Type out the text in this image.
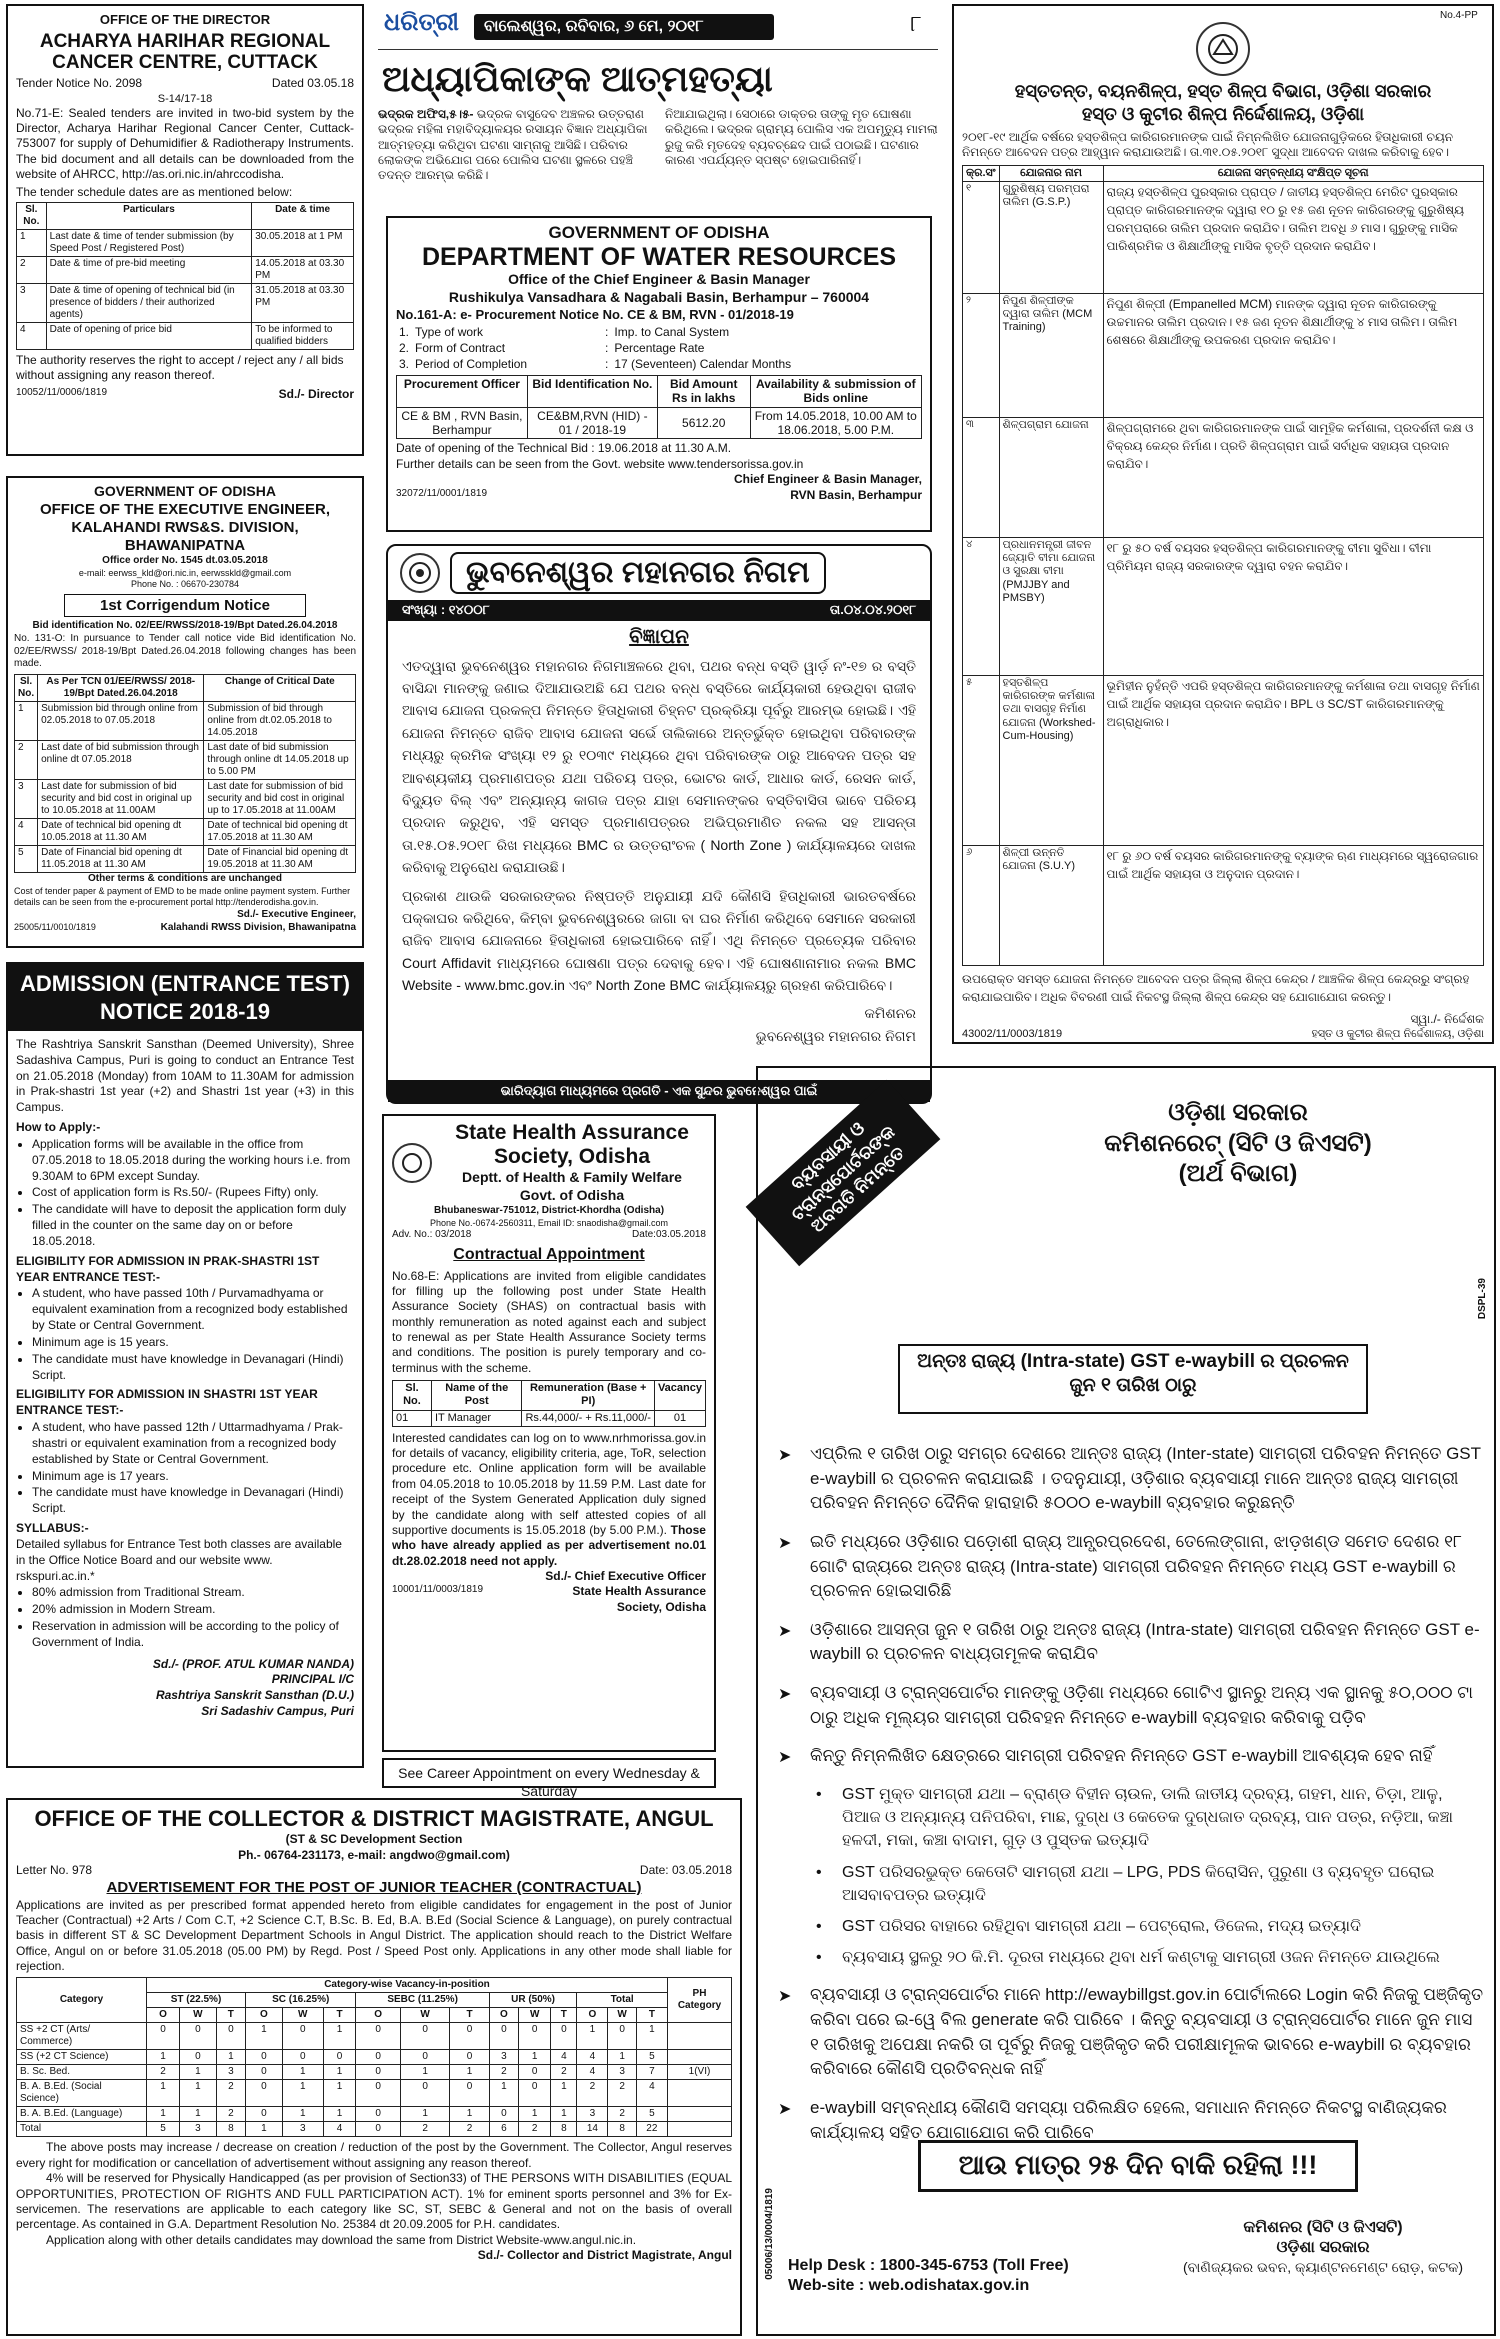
ଧରିତ୍ରୀ	ବାଲେଶ୍ୱର, ରବିବାର, ୬ ମେ, ୨୦୧୮	୮	No.4-PP
OFFICE OF THE DIRECTOR
ACHARYA HARIHAR REGIONAL CANCER CENTRE, CUTTACK
Tender Notice No. 2098	Dated 03.05.18
S-14/17-18
No.71-E: Sealed tenders are invited in two-bid system by the Director, Acharya Harihar Regional Cancer Center, Cuttack-753007 for supply of Dehumidifier & Radiotherapy Instruments. The bid document and all details can be downloaded from the website of AHRCC, http://as.ori.nic.in/ahrccodisha.
The tender schedule dates are as mentioned below:
Sl. No.	Particulars	Date & time
1	Last date & time of tender submission (by Speed Post / Registered Post)	30.05.2018 at 1 PM
2	Date & time of pre-bid meeting	14.05.2018 at 03.30 PM
3	Date & time of opening of technical bid (in presence of bidders / their authorized agents)	31.05.2018 at 03.30 PM
4	Date of opening of price bid	To be informed to qualified bidders
The authority reserves the right to accept / reject any / all bids without assigning any reason thereof.
10052/11/0006/1819	Sd./- Director
GOVERNMENT OF ODISHA
OFFICE OF THE EXECUTIVE ENGINEER, KALAHANDI RWS&S. DIVISION, BHAWANIPATNA
Office order No. 1545 dt.03.05.2018
e-mail: eerwss_kld@ori.nic.in, eerwsskld@gmail.com
Phone No. : 06670-230784
1st Corrigendum Notice
Bid identification No. 02/EE/RWSS/2018-19/Bpt Dated.26.04.2018
No. 131-O: In pursuance to Tender call notice vide Bid identification No. 02/EE/RWSS/ 2018-19/Bpt Dated.26.04.2018 following changes has been made.
Sl. No.	As Per TCN 01/EE/RWSS/ 2018-19/Bpt Dated.26.04.2018	Change of Critical Date
1	Submission bid through online from 02.05.2018 to 07.05.2018	Submission of bid through online from dt.02.05.2018 to 14.05.2018
2	Last date of bid submission through online dt 07.05.2018	Last date of bid submission through online dt 14.05.2018 up to 5.00 PM
3	Last date for submission of bid security and bid cost in original up to 10.05.2018 at 11.00AM	Last date for submission of bid security and bid cost in original up to 17.05.2018 at 11.00AM
4	Date of technical bid opening dt 10.05.2018 at 11.30 AM	Date of technical bid opening dt 17.05.2018 at 11.30 AM
5	Date of Financial bid opening dt 11.05.2018 at 11.30 AM	Date of Financial bid opening dt 19.05.2018 at 11.30 AM
Other terms & conditions are unchanged
Cost of tender paper & payment of EMD to be made online payment system. Further details can be seen from the e-procurement portal http://tenderodisha.gov.in.
Sd./- Executive Engineer,
25005/11/0010/1819	Kalahandi RWSS Division, Bhawanipatna
ADMISSION (ENTRANCE TEST) NOTICE 2018-19
The Rashtriya Sanskrit Sansthan (Deemed University), Shree Sadashiva Campus, Puri is going to conduct an Entrance Test on 21.05.2018 (Monday) from 10AM to 11.30AM for admission in Prak-shastri 1st year (+2) and Shastri 1st year (+3) in this Campus.
How to Apply:-
• Application forms will be available in the office from 07.05.2018 to 18.05.2018 during the working hours i.e. from 9.30AM to 6PM except Sunday.
• Cost of application form is Rs.50/- (Rupees Fifty) only.
• The candidate will have to deposit the application form duly filled in the counter on the same day on or before 18.05.2018.
ELIGIBILITY FOR ADMISSION IN PRAK-SHASTRI 1ST YEAR ENTRANCE TEST:-
• A student, who have passed 10th / Purvamadhyama or equivalent examination from a recognized body established by State or Central Government.
• Minimum age is 15 years.
• The candidate must have knowledge in Devanagari (Hindi) Script.
ELIGIBILITY FOR ADMISSION IN SHASTRI 1ST YEAR ENTRANCE TEST:-
• A student, who have passed 12th / Uttarmadhyama / Prak-shastri or equivalent examination from a recognized body established by State or Central Government.
• Minimum age is 17 years.
• The candidate must have knowledge in Devanagari (Hindi) Script.
SYLLABUS:-
Detailed syllabus for Entrance Test both classes are available in the Office Notice Board and our website www. rskspuri.ac.in.*
• 80% admission from Traditional Stream.
• 20% admission in Modern Stream.
• Reservation in admission will be according to the policy of Government of India.
Sd./- (PROF. ATUL KUMAR NANDA)
PRINCIPAL I/C
Rashtriya Sanskrit Sansthan (D.U.)
Sri Sadashiv Campus, Puri
ଅଧ୍ୟାପିକାଙ୍କ ଆତ୍ମହତ୍ୟା
ଭଦ୍ରକ ଅଫିସ,୫।୫- ଭଦ୍ରକ ବାସୁଦେବ ଅଞ୍ଚଳର ଉତ୍ତରାଣ ଭଦ୍ରକ ମହିଳା ମହାବିଦ୍ୟାଳୟର ରସାୟନ ବିଜ୍ଞାନ ଅଧ୍ୟାପିକା ଆତ୍ମହତ୍ୟା କରିଥିବା ଘଟଣା ସାମ୍ନାକୁ ଆସିଛି। ପରିବାର ଲୋକଙ୍କ ଅଭିଯୋଗ ପରେ ପୋଲିସ ଘଟଣା ସ୍ଥଳରେ ପହଞ୍ଚି ତଦନ୍ତ ଆରମ୍ଭ କରିଛି।
ନିଆଯାଇଥିଲା। ସେଠାରେ ଡାକ୍ତର ତାଙ୍କୁ ମୃତ ଘୋଷଣା କରିଥିଲେ। ଭଦ୍ରକ ଗ୍ରାମ୍ୟ ପୋଲିସ ଏକ ଅପମୃତ୍ୟୁ ମାମଲା ରୁଜୁ କରି ମୃତଦେହ ବ୍ୟବଚ୍ଛେଦ ପାଇଁ ପଠାଇଛି। ଘଟଣାର କାରଣ ଏପର୍ଯ୍ୟନ୍ତ ସ୍ପଷ୍ଟ ହୋଇପାରିନାହିଁ।
GOVERNMENT OF ODISHA
DEPARTMENT OF WATER RESOURCES
Office of the Chief Engineer & Basin Manager
Rushikulya Vansadhara & Nagabali Basin, Berhampur – 760004
No.161-A: e- Procurement Notice No. CE & BM, RVN - 01/2018-19
1.	Type of work	:	Imp. to Canal System
2.	Form of Contract	:	Percentage Rate
3.	Period of Completion	:	17 (Seventeen) Calendar Months
Procurement Officer	Bid Identification No.	Bid Amount Rs in lakhs	Availability & submission of Bids online
CE & BM , RVN Basin, Berhampur	CE&BM,RVN (HID) - 01 / 2018-19	5612.20	From 14.05.2018, 10.00 AM to 18.06.2018, 5.00 P.M.
Date of opening of the Technical Bid : 19.06.2018 at 11.30 A.M.
Further details can be seen from the Govt. website www.tendersorissa.gov.in
Chief Engineer & Basin Manager,
32072/11/0001/1819	RVN Basin, Berhampur
ଭୁବନେଶ୍ୱର ମହାନଗର ନିଗମ
ସଂଖ୍ୟା : ୧୪୦୦୮	ତା.୦୪.୦୪.୨୦୧୮
ବିଜ୍ଞାପନ
ଏତଦ୍ୱାରା ଭୁବନେଶ୍ୱର ମହାନଗର ନିଗମାଞ୍ଚଳରେ ଥିବା, ପଥର ବନ୍ଧ ବସ୍ତି ୱାର୍ଡ଼ ନଂ-୧୭ ର ବସ୍ତି ବାସିନ୍ଦା ମାନଙ୍କୁ ଜଣାଇ ଦିଆଯାଉଅଛି ଯେ ପଥର ବନ୍ଧ ବସ୍ତିରେ କାର୍ଯ୍ୟକାରୀ ହେଉଥିବା ରାଜୀବ ଆବାସ ଯୋଜନା ପ୍ରକଳ୍ପ ନିମନ୍ତେ ହିତାଧିକାରୀ ଚିହ୍ନଟ ପ୍ରକ୍ରିୟା ପୂର୍ବରୁ ଆରମ୍ଭ ହୋଇଛି। ଏହି ଯୋଜନା ନିମନ୍ତେ ରାଜିବ ଆବାସ ଯୋଜନା ସର୍ଭେ ତାଲିକାରେ ଅନ୍ତର୍ଭୁକ୍ତ ହୋଇଥିବା ପରିବାରଙ୍କ ମଧ୍ୟରୁ କ୍ରମିକ ସଂଖ୍ୟା ୧୨ ରୁ ୧୦୩୯ ମଧ୍ୟରେ ଥିବା ପରିବାରଙ୍କ ଠାରୁ ଆବେଦନ ପତ୍ର ସହ ଆବଶ୍ୟକୀୟ ପ୍ରମାଣପତ୍ର ଯଥା ପରିଚୟ ପତ୍ର, ଭୋଟର କାର୍ଡ, ଆଧାର କାର୍ଡ, ରେସନ କାର୍ଡ, ବିଦ୍ୟୁତ ବିଲ୍ ଏବଂ ଅନ୍ୟାନ୍ୟ କାଗଜ ପତ୍ର ଯାହା ସେମାନଙ୍କର ବସ୍ତିବାସିତା ଭାବେ ପରିଚୟ ପ୍ରଦାନ କରୁଥିବ, ଏହି ସମସ୍ତ ପ୍ରମାଣପତ୍ରର ଅଭିପ୍ରମାଣିତ ନକଲ ସହ ଆସନ୍ତା ତା.୧୫.୦୫.୨୦୧୮ ରିଖ ମଧ୍ୟରେ BMC ର ଉତ୍ତରାଂଚଳ ( North Zone ) କାର୍ଯ୍ୟାଳୟରେ ଦାଖଲ କରିବାକୁ ଅନୁରୋଧ କରାଯାଉଛି।
ପ୍ରକାଶ ଥାଉକି ସରକାରଙ୍କର ନିଷ୍ପତ୍ତି ଅନୁଯାୟୀ ଯଦି କୌଣସି ହିତାଧିକାରୀ ଭାରତବର୍ଷରେ ପକ୍କାଘର କରିଥିବେ, କିମ୍ବା ଭୁବନେଶ୍ୱରରେ ଜାଗା ବା ଘର ନିର୍ମାଣ କରିଥିବେ ସେମାନେ ସରକାରୀ ରାଜିବ ଆବାସ ଯୋଜନାରେ ହିତାଧିକାରୀ ହୋଇପାରିବେ ନାହିଁ। ଏଥି ନିମନ୍ତେ ପ୍ରତ୍ୟେକ ପରିବାର Court Affidavit ମାଧ୍ୟମରେ ଘୋଷଣା ପତ୍ର ଦେବାକୁ ହେବ। ଏହି ଘୋଷଣାନାମାର ନକଲ BMC Website - www.bmc.gov.in ଏବଂ North Zone BMC କାର୍ଯ୍ୟାଳୟରୁ ଗ୍ରହଣ କରିପାରିବେ।
କମିଶନର
ଭୁବନେଶ୍ୱର ମହାନଗର ନିଗମ
ଭାରିଦ୍ୟାଗ ମାଧ୍ୟମରେ ପ୍ରଗତି - ଏକ ସୁନ୍ଦର ଭୁବନେଶ୍ୱର ପାଇଁ
ହସ୍ତତନ୍ତ, ବୟନଶିଳ୍ପ, ହସ୍ତ ଶିଳ୍ପ ବିଭାଗ, ଓଡ଼ିଶା ସରକାର
ହସ୍ତ ଓ କୁଟୀର ଶିଳ୍ପ ନିର୍ଦ୍ଦେଶାଳୟ, ଓଡ଼ିଶା
୨୦୧୮-୧୯ ଆର୍ଥିକ ବର୍ଷରେ ହସ୍ତଶିଳ୍ପ କାରିଗରମାନଙ୍କ ପାଇଁ ନିମ୍ନଲିଖିତ ଯୋଜନାଗୁଡ଼ିକରେ ହିତାଧିକାରୀ ଚୟନ ନିମନ୍ତେ ଆବେଦନ ପତ୍ର ଆହ୍ୱାନ କରାଯାଉଅଛି। ତା.୩୧.୦୫.୨୦୧୮ ସୁଦ୍ଧା ଆବେଦନ ଦାଖଲ କରିବାକୁ ହେବ।
କ୍ର.ସଂ	ଯୋଜନାର ନାମ	ଯୋଜନା ସମ୍ବନ୍ଧୀୟ ସଂକ୍ଷିପ୍ତ ସୂଚନା
୧	ଗୁରୁଶିଷ୍ୟ ପରମ୍ପରା ତାଲିମ (G.S.P.)	ରାଜ୍ୟ ହସ୍ତଶିଳ୍ପ ପୁରସ୍କାର ପ୍ରାପ୍ତ / ଜାତୀୟ ହସ୍ତଶିଳ୍ପ ମେରିଟ ପୁରସ୍କାର ପ୍ରାପ୍ତ କାରିଗରମାନଙ୍କ ଦ୍ୱାରା ୧୦ ରୁ ୧୫ ଜଣ ନୂତନ କାରିଗରଙ୍କୁ ଗୁରୁଶିଷ୍ୟ ପରମ୍ପରାରେ ତାଲିମ ପ୍ରଦାନ କରାଯିବ। ତାଲିମ ଅବଧି ୬ ମାସ। ଗୁରୁଙ୍କୁ ମାସିକ ପାରିଶ୍ରମିକ ଓ ଶିକ୍ଷାର୍ଥୀଙ୍କୁ ମାସିକ ବୃତ୍ତି ପ୍ରଦାନ କରାଯିବ।
୨	ନିପୁଣ ଶିଳ୍ପୀଙ୍କ ଦ୍ୱାରା ତାଲିମ (MCM Training)	ନିପୁଣ ଶିଳ୍ପୀ (Empanelled MCM) ମାନଙ୍କ ଦ୍ୱାରା ନୂତନ କାରିଗରଙ୍କୁ ଉଚ୍ଚମାନର ତାଲିମ ପ୍ରଦାନ। ୧୫ ଜଣ ନୂତନ ଶିକ୍ଷାର୍ଥୀଙ୍କୁ ୪ ମାସ ତାଲିମ। ତାଲିମ ଶେଷରେ ଶିକ୍ଷାର୍ଥୀଙ୍କୁ ଉପକରଣ ପ୍ରଦାନ କରାଯିବ।
୩	ଶିଳ୍ପଗ୍ରାମ ଯୋଜନା	ଶିଳ୍ପଗ୍ରାମରେ ଥିବା କାରିଗରମାନଙ୍କ ପାଇଁ ସାମୂହିକ କର୍ମଶାଳା, ପ୍ରଦର୍ଶନୀ କକ୍ଷ ଓ ବିକ୍ରୟ କେନ୍ଦ୍ର ନିର୍ମାଣ। ପ୍ରତି ଶିଳ୍ପଗ୍ରାମ ପାଇଁ ସର୍ବାଧିକ ସହାୟତା ପ୍ରଦାନ କରାଯିବ।
୪	ପ୍ରଧାନମନ୍ତ୍ରୀ ଜୀବନ ଜ୍ୟୋତି ବୀମା ଯୋଜନା ଓ ସୁରକ୍ଷା ବୀମା (PMJJBY and PMSBY)	୧୮ ରୁ ୫୦ ବର୍ଷ ବୟସର ହସ୍ତଶିଳ୍ପ କାରିଗରମାନଙ୍କୁ ବୀମା ସୁବିଧା। ବୀମା ପ୍ରିମିୟମ ରାଜ୍ୟ ସରକାରଙ୍କ ଦ୍ୱାରା ବହନ କରାଯିବ।
୫	ହସ୍ତଶିଳ୍ପ କାରିଗରଙ୍କ କର୍ମଶାଳା ତଥା ବାସଗୃହ ନିର୍ମାଣ ଯୋଜନା (Workshed-Cum-Housing)	ଭୂମିହୀନ ନୁହଁନ୍ତି ଏପରି ହସ୍ତଶିଳ୍ପ କାରିଗରମାନଙ୍କୁ କର୍ମଶାଳା ତଥା ବାସଗୃହ ନିର୍ମାଣ ପାଇଁ ଆର୍ଥିକ ସହାୟତା ପ୍ରଦାନ କରାଯିବ। BPL ଓ SC/ST କାରିଗରମାନଙ୍କୁ ଅଗ୍ରାଧିକାର।
୬	ଶିଳ୍ପୀ ଉନ୍ନତି ଯୋଜନା (S.U.Y)	୧୮ ରୁ ୬୦ ବର୍ଷ ବୟସର କାରିଗରମାନଙ୍କୁ ବ୍ୟାଙ୍କ ଋଣ ମାଧ୍ୟମରେ ସ୍ୱରୋଜଗାର ପାଇଁ ଆର୍ଥିକ ସହାୟତା ଓ ଅନୁଦାନ ପ୍ରଦାନ।
ଉପରୋକ୍ତ ସମସ୍ତ ଯୋଜନା ନିମନ୍ତେ ଆବେଦନ ପତ୍ର ଜିଲ୍ଲା ଶିଳ୍ପ କେନ୍ଦ୍ର / ଆଞ୍ଚଳିକ ଶିଳ୍ପ କେନ୍ଦ୍ରରୁ ସଂଗ୍ରହ କରାଯାଇପାରିବ। ଅଧିକ ବିବରଣୀ ପାଇଁ ନିକଟସ୍ଥ ଜିଲ୍ଲା ଶିଳ୍ପ କେନ୍ଦ୍ର ସହ ଯୋଗାଯୋଗ କରନ୍ତୁ।
ସ୍ୱା./- ନିର୍ଦ୍ଦେଶକ
43002/11/0003/1819	ହସ୍ତ ଓ କୁଟୀର ଶିଳ୍ପ ନିର୍ଦ୍ଦେଶାଳୟ, ଓଡ଼ିଶା
State Health Assurance Society, Odisha
Deptt. of Health & Family Welfare
Govt. of Odisha
Bhubaneswar-751012, District-Khordha (Odisha)
Phone No.-0674-2560311, Email ID: snaodisha@gmail.com
Adv. No.: 03/2018	Date:03.05.2018
Contractual Appointment
No.68-E: Applications are invited from eligible candidates for filling up the following post under State Health Assurance Society (SHAS) on contractual basis with monthly remuneration as noted against each and subject to renewal as per State Health Assurance Society terms and conditions. The position is purely temporary and co-terminus with the scheme.
Sl. No.	Name of the Post	Remuneration (Base + PI)	Vacancy
01	IT Manager	Rs.44,000/- + Rs.11,000/-	01
Interested candidates can log on to www.nrhmorissa.gov.in for details of vacancy, eligibility criteria, age, ToR, selection procedure etc. Online application form will be available from 04.05.2018 to 10.05.2018 by 11.59 P.M. Last date for receipt of the System Generated Application duly signed by the candidate along with self attested copies of all supportive documents is 15.05.2018 (by 5.00 P.M.). Those who have already applied as per advertisement no.01 dt.28.02.2018 need not apply.
Sd./- Chief Executive Officer
10001/11/0003/1819	State Health Assurance
Society, Odisha
See Career Appointment on every Wednesday & Saturday
OFFICE OF THE COLLECTOR & DISTRICT MAGISTRATE, ANGUL
(ST & SC Development Section
Ph.- 06764-231173, e-mail: angdwo@gmail.com)
Letter No. 978	Date: 03.05.2018
ADVERTISEMENT FOR THE POST OF JUNIOR TEACHER (CONTRACTUAL)
Applications are invited as per prescribed format appended hereto from eligible candidates for engagement in the post of Junior Teacher (Contractual) +2 Arts / Com C.T, +2 Science C.T, B.Sc. B. Ed, B.A. B.Ed (Social Science & Language), on purely contractual basis in different ST & SC Development Department Schools in Angul District. The application should reach to the District Welfare Office, Angul on or before 31.05.2018 (05.00 PM) by Regd. Post / Speed Post only. Applications in any other mode shall liable for rejection.
Category	Category-wise Vacancy-in-position															PH Category
	ST (22.5%)			SC (16.25%)			SEBC (11.25%)			UR (50%)			Total			
	O	W	T	O	W	T	O	W	T	O	W	T	O	W	T	
SS +2 CT (Arts/ Commerce)	0	0	0	1	0	1	0	0	0	0	0	0	1	0	1	
SS (+2 CT Science)	1	0	1	0	0	0	0	0	0	3	1	4	4	1	5	
B. Sc. Bed.	2	1	3	0	1	1	0	1	1	2	0	2	4	3	7	1(VI)
B. A. B.Ed. (Social Science)	1	1	2	0	1	1	0	0	0	1	0	1	2	2	4	
B. A. B.Ed. (Language)	1	1	2	0	1	1	0	1	1	0	1	1	3	2	5	
Total	5	3	8	1	3	4	0	2	2	6	2	8	14	8	22	
The above posts may increase / decrease on creation / reduction of the post by the Government. The Collector, Angul reserves every right for modification or cancellation of advertisement without assigning any reason thereof.
4% will be reserved for Physically Handicapped (as per provision of Section33) of THE PERSONS WITH DISABILITIES (EQUAL OPPORTUNITIES, PROTECTION OF RIGHTS AND FULL PARTICIPATION ACT). 1% for eminent sports personnel and 3% for Ex-servicemen. The reservations are applicable to each category like SC, ST, SEBC & General and not on the basis of overall percentage. As contained in G.A. Department Resolution No. 25384 dt 20.09.2005 for P.H. candidates.
Application along with other details candidates may download the same from District Website-www.angul.nic.in.
Sd./- Collector and District Magistrate, Angul
ବ୍ୟବସାୟୀ ଓ ଟ୍ରାନ୍ସପୋର୍ଟରଙ୍କ ଅବଗତି ନିମନ୍ତେ
ଓଡ଼ିଶା ସରକାର
କମିଶନରେଟ୍ (ସିଟି ଓ ଜିଏସଟି)
(ଅର୍ଥ ବିଭାଗ)
DSPL-39
05006/13/0004/1819
ଅନ୍ତଃ ରାଜ୍ୟ (Intra-state) GST e-waybill ର ପ୍ରଚଳନ
ଜୁନ ୧ ତାରିଖ ଠାରୁ
➤ ଏପ୍ରିଲ ୧ ତାରିଖ ଠାରୁ ସମଗ୍ର ଦେଶରେ ଆନ୍ତଃ ରାଜ୍ୟ (Inter-state) ସାମଗ୍ରୀ ପରିବହନ ନିମନ୍ତେ GST e-waybill ର ପ୍ରଚଳନ କରାଯାଇଛି । ତଦନୁଯାୟୀ, ଓଡ଼ିଶାର ବ୍ୟବସାୟୀ ମାନେ ଆନ୍ତଃ ରାଜ୍ୟ ସାମଗ୍ରୀ ପରିବହନ ନିମନ୍ତେ ଦୈନିକ ହାରାହାରି ୫୦୦୦ e-waybill ବ୍ୟବହାର କରୁଛନ୍ତି
➤ ଇତି ମଧ୍ୟରେ ଓଡ଼ିଶାର ପଡ଼ୋଶୀ ରାଜ୍ୟ ଆନ୍ଧ୍ରପ୍ରଦେଶ, ତେଲେଙ୍ଗାନା, ଝାଡ଼ଖଣ୍ଡ ସମେତ ଦେଶର ୧୮ ଗୋଟି ରାଜ୍ୟରେ ଅନ୍ତଃ ରାଜ୍ୟ (Intra-state) ସାମଗ୍ରୀ ପରିବହନ ନିମନ୍ତେ ମଧ୍ୟ GST e-waybill ର ପ୍ରଚଳନ ହୋଇସାରିଛି
➤ ଓଡ଼ିଶାରେ ଆସନ୍ତା ଜୁନ ୧ ତାରିଖ ଠାରୁ ଅନ୍ତଃ ରାଜ୍ୟ (Intra-state) ସାମଗ୍ରୀ ପରିବହନ ନିମନ୍ତେ GST e-waybill ର ପ୍ରଚଳନ ବାଧ୍ୟତାମୂଳକ କରାଯିବ
➤ ବ୍ୟବସାୟୀ ଓ ଟ୍ରାନ୍ସପୋର୍ଟର ମାନଙ୍କୁ ଓଡ଼ିଶା ମଧ୍ୟରେ ଗୋଟିଏ ସ୍ଥାନରୁ ଅନ୍ୟ ଏକ ସ୍ଥାନକୁ ୫୦,୦୦୦ ଟା ଠାରୁ ଅଧିକ ମୂଲ୍ୟର ସାମଗ୍ରୀ ପରିବହନ ନିମନ୍ତେ e-waybill ବ୍ୟବହାର କରିବାକୁ ପଡ଼ିବ
➤ କିନ୍ତୁ ନିମ୍ନଲିଖିତ କ୍ଷେତ୍ରରେ ସାମଗ୍ରୀ ପରିବହନ ନିମନ୍ତେ GST e-waybill ଆବଶ୍ୟକ ହେବ ନାହିଁ
• GST ମୁକ୍ତ ସାମଗ୍ରୀ ଯଥା – ବ୍ରାଣ୍ଡ ବିହୀନ ଚାଉଳ, ଡାଲି ଜାତୀୟ ଦ୍ରବ୍ୟ, ଗହମ, ଧାନ, ଚିଡ଼ା, ଆଳୁ, ପିଆଜ ଓ ଅନ୍ୟାନ୍ୟ ପନିପରିବା, ମାଛ, ଦୁଗ୍ଧ ଓ କେତେକ ଦୁଗ୍ଧଜାତ ଦ୍ରବ୍ୟ, ପାନ ପତ୍ର, ନଡ଼ିଆ, କଞ୍ଚା ହଳଦୀ, ମକା, କଞ୍ଚା ବାଦାମ, ଗୁଡ଼ ଓ ପୁସ୍ତକ ଇତ୍ୟାଦି
• GST ପରିସରଭୁକ୍ତ କେତୋଟି ସାମଗ୍ରୀ ଯଥା – LPG, PDS କିରୋସିନ, ପୁରୁଣା ଓ ବ୍ୟବହୃତ ଘରୋଇ ଆସବାବପତ୍ର ଇତ୍ୟାଦି
• GST ପରିସର ବାହାରେ ରହିଥିବା ସାମଗ୍ରୀ ଯଥା – ପେଟ୍ରୋଲ, ଡିଜେଲ, ମଦ୍ୟ ଇତ୍ୟାଦି
• ବ୍ୟବସାୟ ସ୍ଥଳରୁ ୨୦ କି.ମି. ଦୂରତା ମଧ୍ୟରେ ଥିବା ଧର୍ମ କଣ୍ଟାକୁ ସାମଗ୍ରୀ ଓଜନ ନିମନ୍ତେ ଯାଉଥିଲେ
➤ ବ୍ୟବସାୟୀ ଓ ଟ୍ରାନ୍ସପୋର୍ଟର ମାନେ http://ewaybillgst.gov.in ପୋର୍ଟାଲରେ Login କରି ନିଜକୁ ପଞ୍ଜିକୃତ କରିବା ପରେ ଇ-ୱେ ବିଲ generate କରି ପାରିବେ । କିନ୍ତୁ ବ୍ୟବସାୟୀ ଓ ଟ୍ରାନ୍ସପୋର୍ଟର ମାନେ ଜୁନ ମାସ ୧ ତାରିଖକୁ ଅପେକ୍ଷା ନକରି ତା ପୂର୍ବରୁ ନିଜକୁ ପଞ୍ଜିକୃତ କରି ପରୀକ୍ଷାମୂଳକ ଭାବରେ e-waybill ର ବ୍ୟବହାର କରିବାରେ କୌଣସି ପ୍ରତିବନ୍ଧକ ନାହିଁ
➤ e-waybill ସମ୍ବନ୍ଧୀୟ କୌଣସି ସମସ୍ୟା ପରିଲକ୍ଷିତ ହେଲେ, ସମାଧାନ ନିମନ୍ତେ ନିକଟସ୍ଥ ବାଣିଜ୍ୟକର କାର୍ଯ୍ୟାଳୟ ସହିତ ଯୋଗାଯୋଗ କରି ପାରିବେ
ଆଉ ମାତ୍ର ୨୫ ଦିନ ବାକି ରହିଲା !!!
Help Desk : 1800-345-6753 (Toll Free)
Web-site : web.odishatax.gov.in
କମିଶନର (ସିଟି ଓ ଜିଏସଟି)
ଓଡ଼ିଶା ସରକାର
(ବାଣିଜ୍ୟକର ଭବନ, କ୍ୟାଣ୍ଟନମେଣ୍ଟ ରୋଡ଼, କଟକ)
